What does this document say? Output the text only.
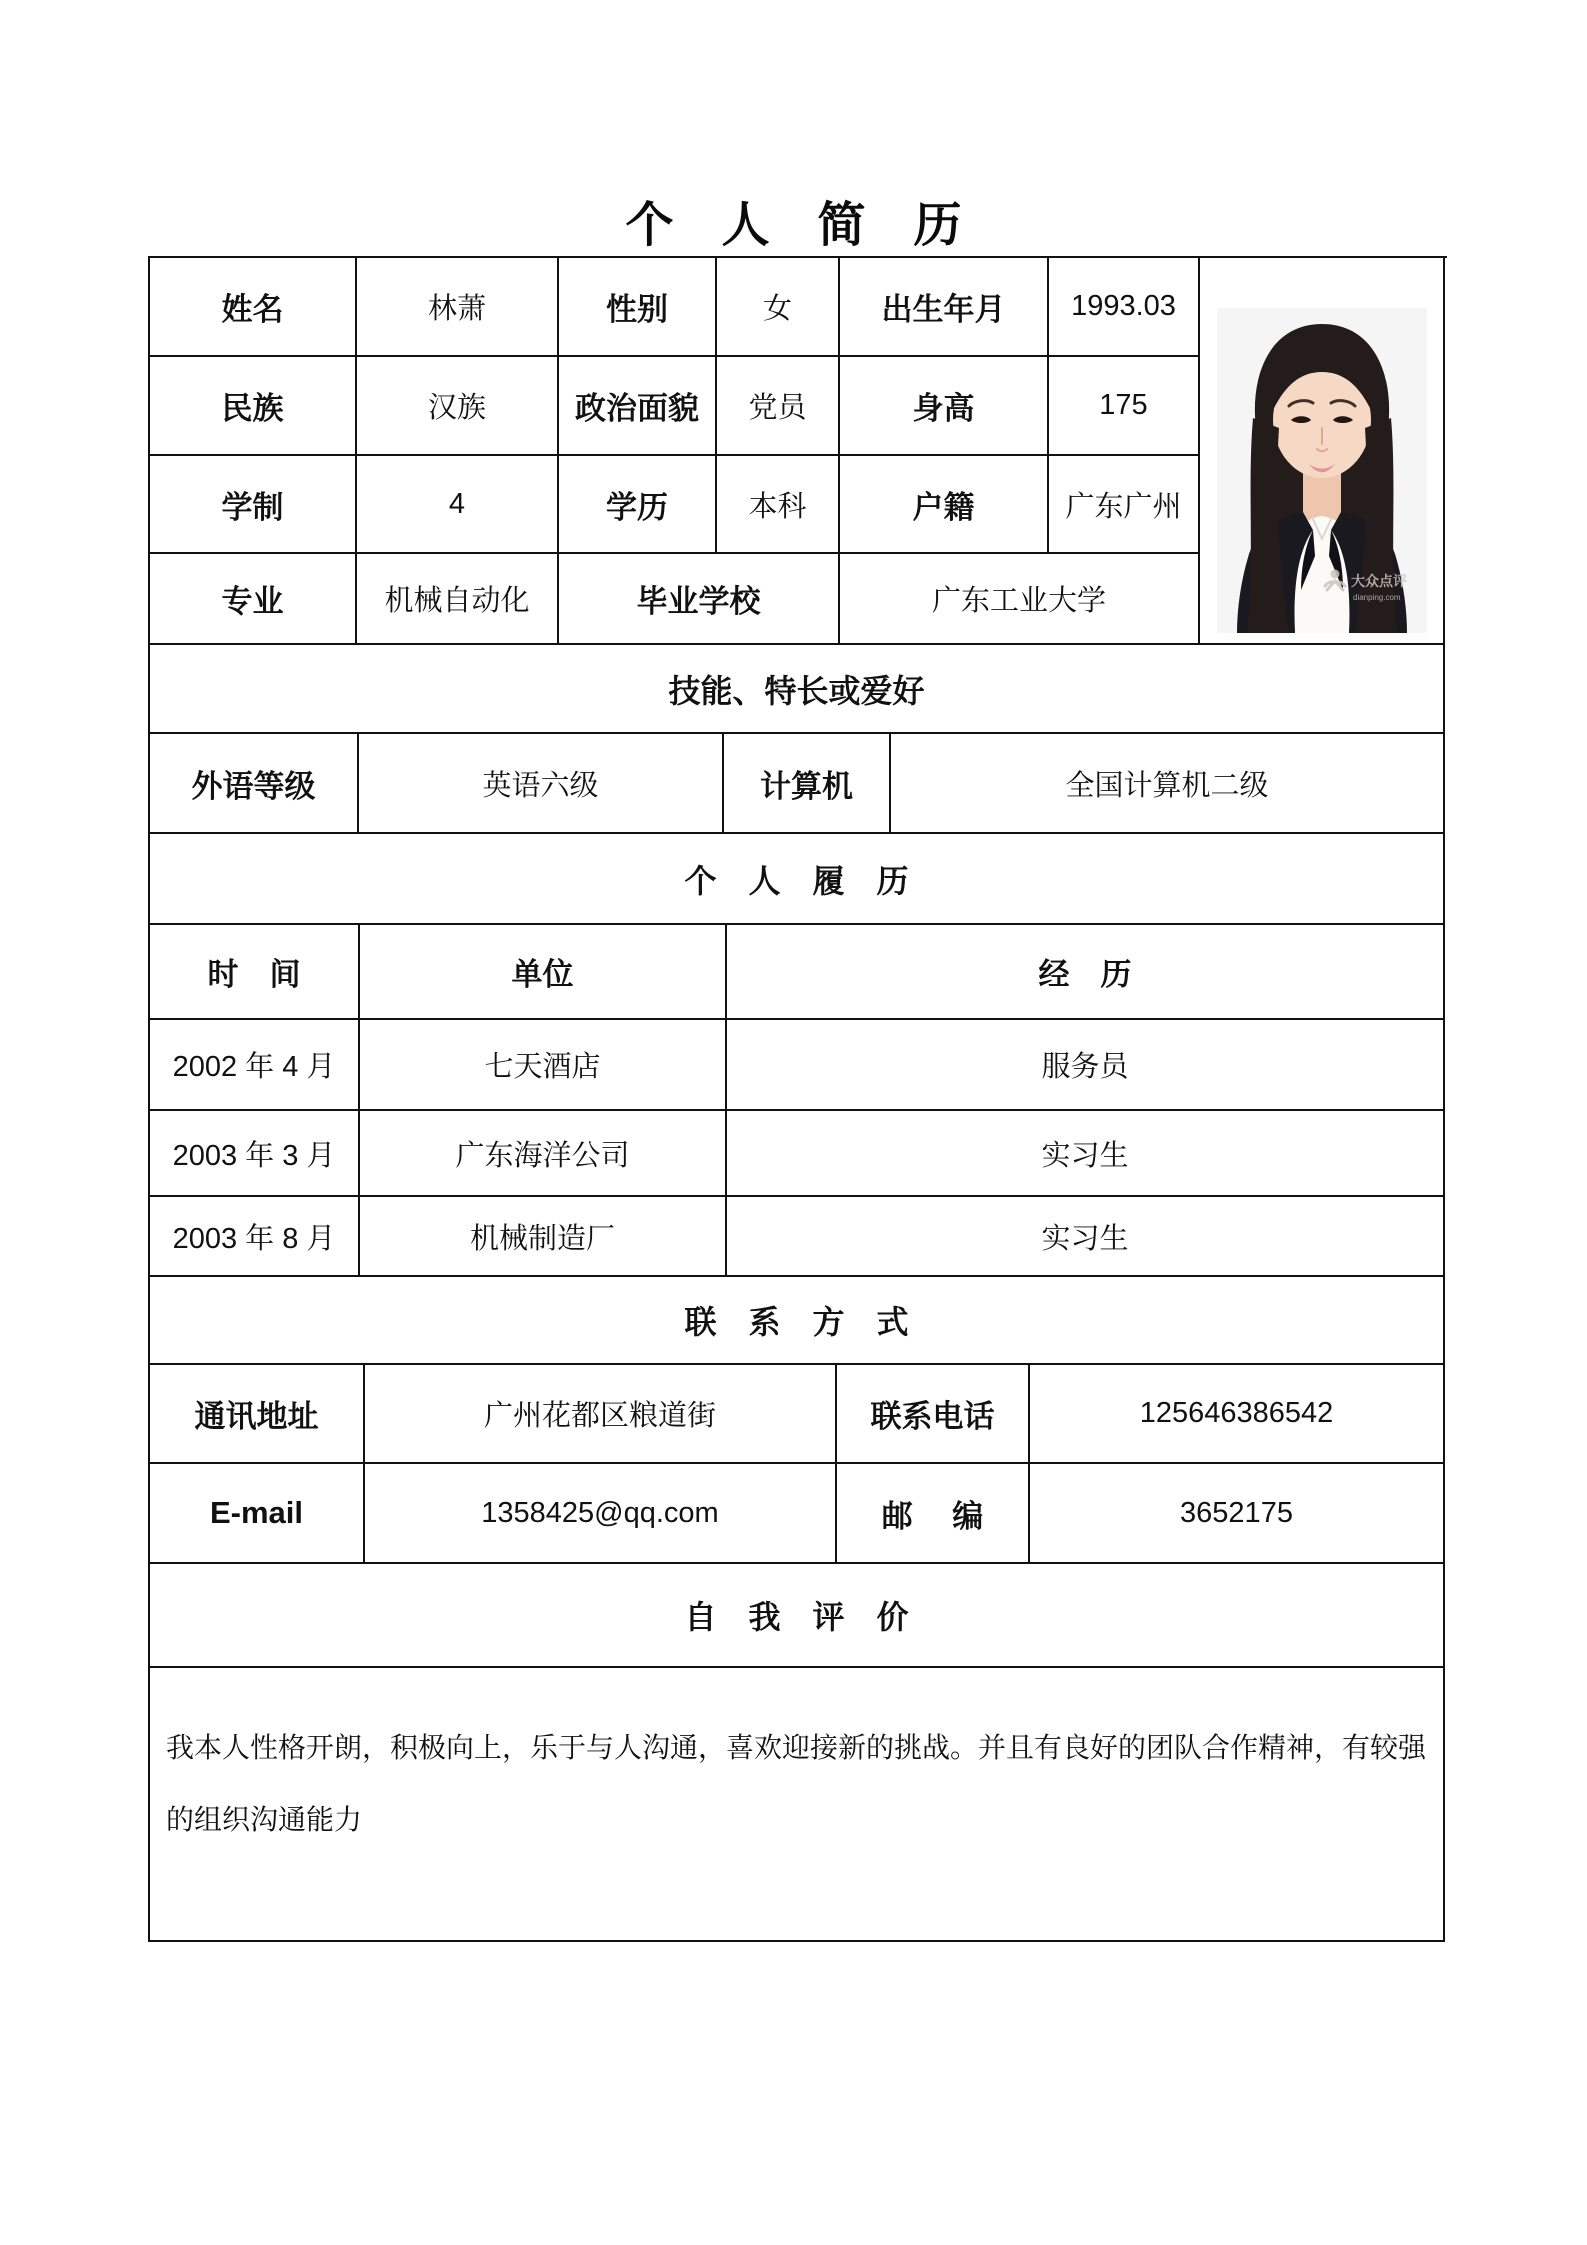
个　人　简　历
姓名	林萧	性别	女	出生年月	1993.03
大众点评
dianping.com
民族	汉族	政治面貌	党员	身高	175
学制	4	学历	本科	户籍	广东广州
专业	机械自动化	毕业学校	广东工业大学
技能、特长或爱好
外语等级	英语六级	计算机	全国计算机二级
个　人　履　历
时　间	单位	经　历
2002 年 4 月	七天酒店	服务员
2003 年 3 月	广东海洋公司	实习生
2003 年 8 月	机械制造厂	实习生
联　系　方　式
通讯地址	广州花都区粮道街	联系电话	125646386542
E-mail	1358425@qq.com	邮　 编	3652175
自　我　评　价
我本人性格开朗，积极向上，乐于与人沟通，喜欢迎接新的挑战。并且有良好的团队合作精神，有较强的组织沟通能力
